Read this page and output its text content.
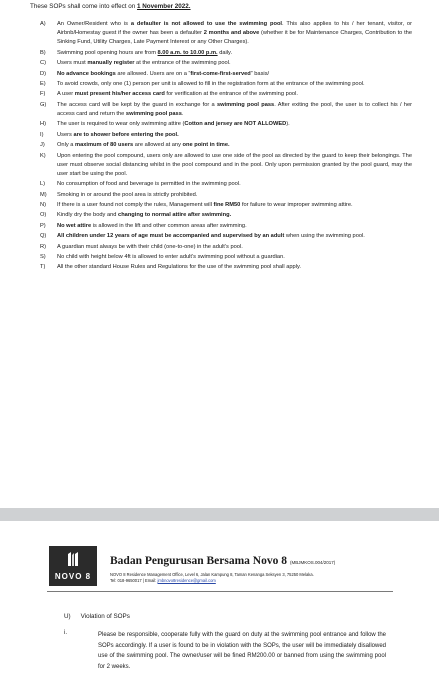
These SOPs shall come into effect on 1 November 2022.
A)	An Owner/Resident who is a defaulter is not allowed to use the swimming pool. This also applies to his / her tenant, visitor, or Airbnb/Homestay guest if the owner has been a defaulter 2 months and above (whether it be for Maintenance Charges, Contribution to the Sinking Fund, Utility Charges, Late Payment Interest or any Other Charges).
B)	Swimming pool opening hours are from 8.00 a.m. to 10.00 p.m. daily.
C)	Users must manually register at the entrance of the swimming pool.
D)	No advance bookings are allowed. Users are on a “first-come-first-served” basis/
E)	To avoid crowds, only one (1) person per unit is allowed to fill in the registration form at the entrance of the swimming pool.
F)	A user must present his/her access card for verification at the entrance of the swimming pool.
G)	The access card will be kept by the guard in exchange for a swimming pool pass. After exiting the pool, the user is to collect his / her access card and return the swimming pool pass.
H)	The user is required to wear only swimming attire (Cotton and jersey are NOT ALLOWED).
I)	Users are to shower before entering the pool.
J)	Only a maximum of 80 users are allowed at any one point in time.
K)	Upon entering the pool compound, users only are allowed to use one side of the pool as directed by the guard to keep their belongings. The user must observe social distancing whilst in the pool compound and in the pool. Only upon permission granted by the pool guard, may the user start be using the pool.
L)	No consumption of food and beverage is permitted in the swimming pool.
M)	Smoking in or around the pool area is strictly prohibited.
N)	If there is a user found not comply the rules, Management will fine RM50 for failure to wear improper swimming attire.
O)	Kindly dry the body and changing to normal attire after swimming.
P)	No wet attire is allowed in the lift and other common areas after swimming.
Q)	All children under 12 years of age must be accompanied and supervised by an adult when using the swimming pool.
R)	A guardian must always be with their child (one-to-one) in the adult’s pool.
S)	No child with height below 4ft is allowed to enter adult’s swimming pool without a guardian.
T)	All the other standard House Rules and Regulations for the use of the swimming pool shall apply.
NOVO 8
Badan Pengurusan Bersama Novo 8 (MBJMKOS.004/2017)
NOVO 8 Residence Management Office, Level 6, Jalan Kampung 8, Taman Kenanga Seksyen 3, 75250 Melaka.
Tel: 018-9650017 | Email: jmbnovo8residence@gmail.com
U) Violation of SOPs
i.	Please be responsible, cooperate fully with the guard on duty at the swimming pool entrance and follow the SOPs accordingly. If a user is found to be in violation with the SOPs, the user will be immediately disallowed use of the swimming pool. The owner/user will be fined RM200.00 or banned from using the swimming pool for 2 weeks.
